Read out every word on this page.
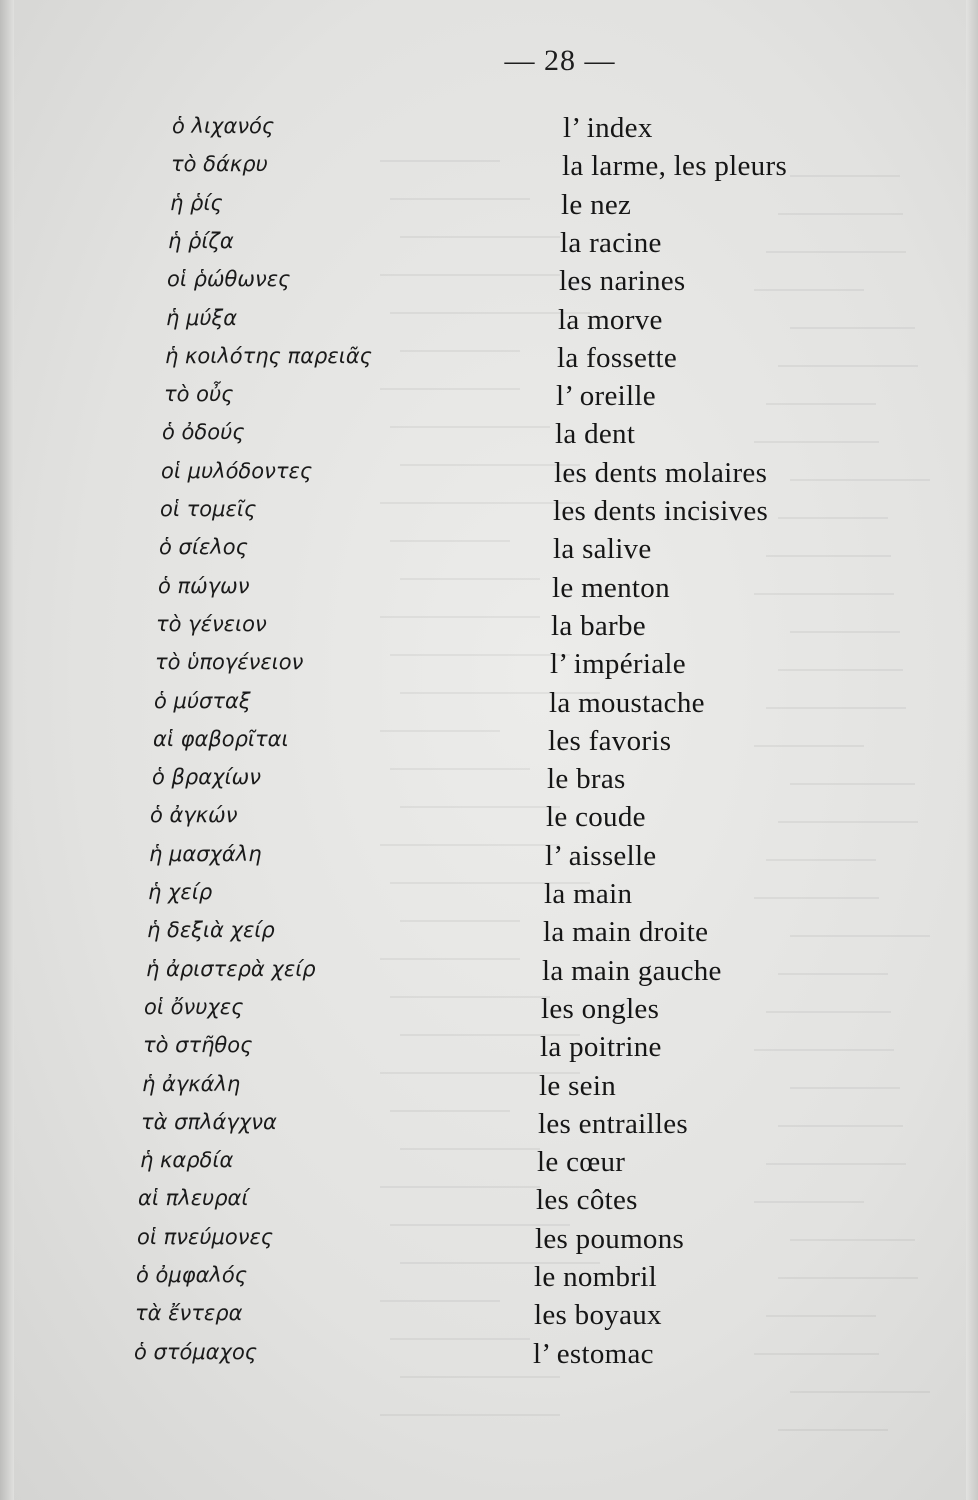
— 28 —
ὁ λιχανός	l’ index
τὸ δάκρυ	la larme, les pleurs
ἡ ῥίς	le nez
ἡ ῥίζα	la racine
οἱ ῥώθωνες	les narines
ἡ μύξα	la morve
ἡ κοιλότης παρειᾶς	la fossette
τὸ οὖς	l’ oreille
ὁ ὀδούς	la dent
οἱ μυλόδοντες	les dents molaires
οἱ τομεῖς	les dents incisives
ὁ σίελος	la salive
ὁ πώγων	le menton
τὸ γένειον	la barbe
τὸ ὑπογένειον	l’ impériale
ὁ μύσταξ	la moustache
αἱ φαβορῖται	les favoris
ὁ βραχίων	le bras
ὁ ἀγκών	le coude
ἡ μασχάλη	l’ aisselle
ἡ χείρ	la main
ἡ δεξιὰ χείρ	la main droite
ἡ ἀριστερὰ χείρ	la main gauche
οἱ ὄνυχες	les ongles
τὸ στῆθος	la poitrine
ἡ ἀγκάλη	le sein
τὰ σπλάγχνα	les entrailles
ἡ καρδία	le cœur
αἱ πλευραί	les côtes
οἱ πνεύμονες	les poumons
ὁ ὀμφαλός	le nombril
τὰ ἔντερα	les boyaux
ὁ στόμαχος	l’ estomac
